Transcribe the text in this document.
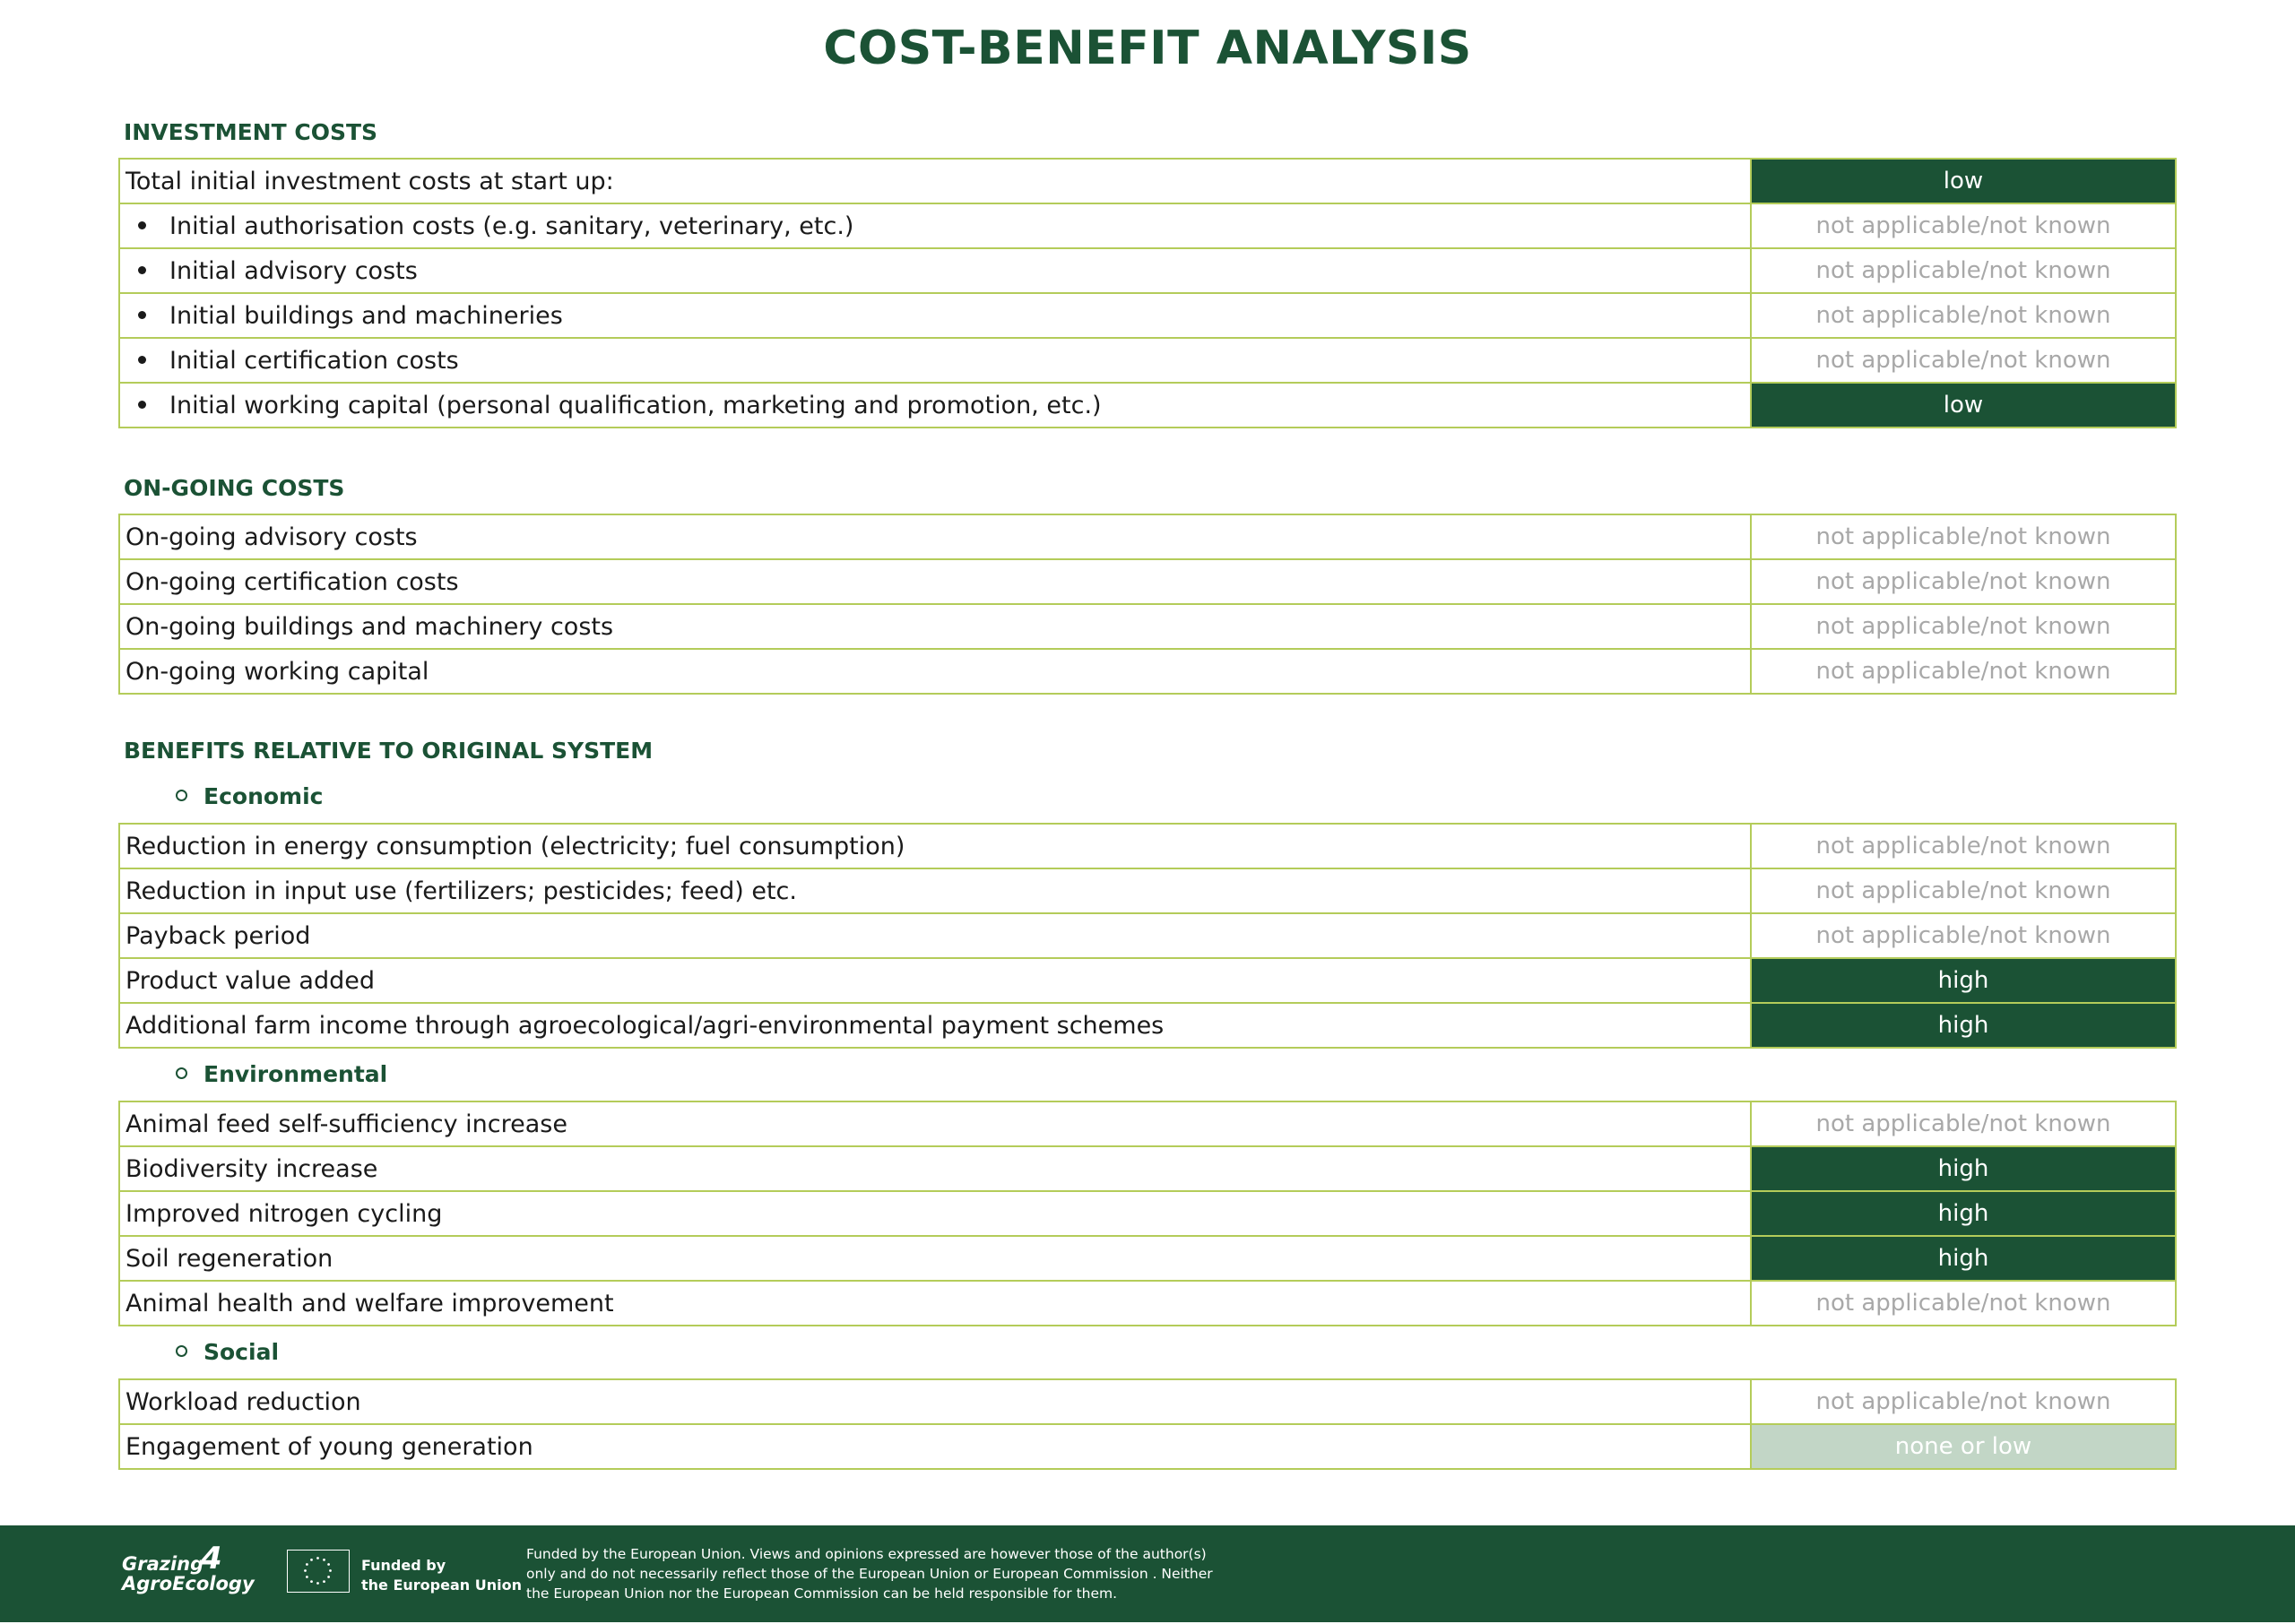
COST-BENEFIT ANALYSIS
INVESTMENT COSTS
Total initial investment costs at start up:	low
Initial authorisation costs (e.g. sanitary, veterinary, etc.)	not applicable/not known
Initial advisory costs	not applicable/not known
Initial buildings and machineries	not applicable/not known
Initial certification costs	not applicable/not known
Initial working capital (personal qualification, marketing and promotion, etc.)	low
ON-GOING COSTS
On-going advisory costs	not applicable/not known
On-going certification costs	not applicable/not known
On-going buildings and machinery costs	not applicable/not known
On-going working capital	not applicable/not known
BENEFITS RELATIVE TO ORIGINAL SYSTEM
Economic
Reduction in energy consumption (electricity; fuel consumption)	not applicable/not known
Reduction in input use (fertilizers; pesticides; feed) etc.	not applicable/not known
Payback period	not applicable/not known
Product value added	high
Additional farm income through agroecological/agri-environmental payment schemes	high
Environmental
Animal feed self-sufficiency increase	not applicable/not known
Biodiversity increase	high
Improved nitrogen cycling	high
Soil regeneration	high
Animal health and welfare improvement	not applicable/not known
Social
Workload reduction	not applicable/not known
Engagement of young generation	none or low
Grazing
AgroEcology
4	Funded by
the European Union
Funded by the European Union. Views and opinions expressed are however those of the author(s)
only and do not necessarily reflect those of the European Union or European Commission . Neither
the European Union nor the European Commission can be held responsible for them.
